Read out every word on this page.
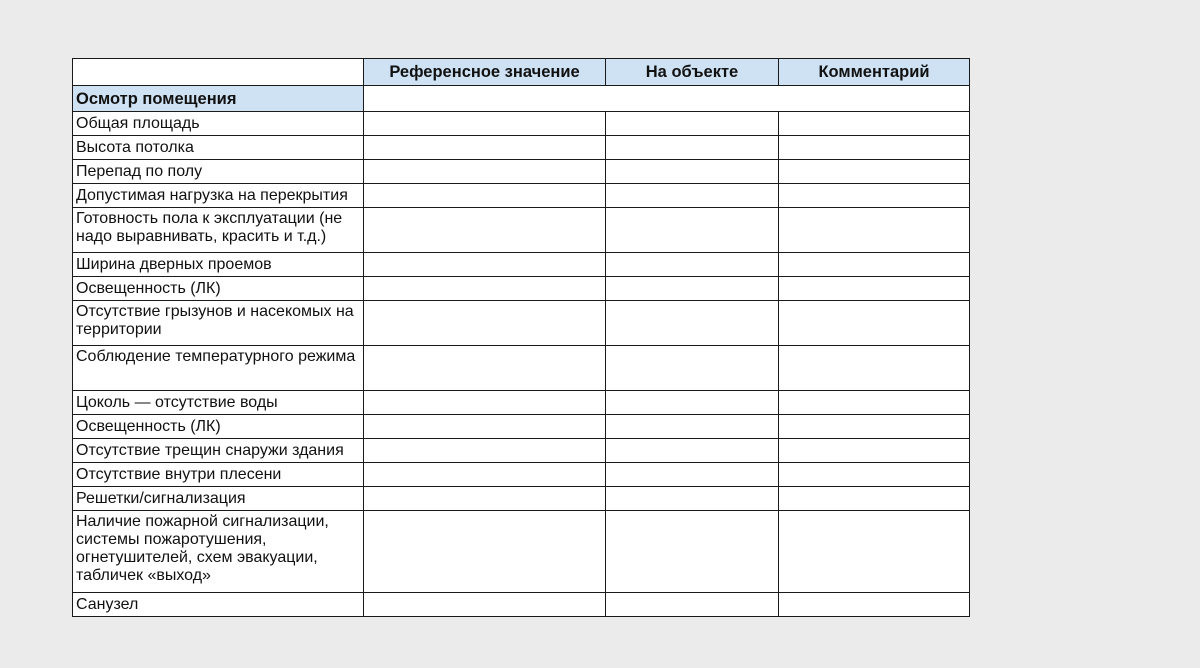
	Референсное значение	На объекте	Комментарий
Осмотр помещения			
Общая площадь			
Высота потолка			
Перепад по полу			
Допустимая нагрузка на перекрытия			
Готовность пола к эксплуатации (не надо выравнивать, красить и т.д.)			
Ширина дверных проемов			
Освещенность (ЛК)			
Отсутствие грызунов и насекомых на территории			
Соблюдение температурного режима			
Цоколь — отсутствие воды			
Освещенность (ЛК)			
Отсутствие трещин снаружи здания			
Отсутствие внутри плесени			
Решетки/сигнализация			
Наличие пожарной сигнализации, системы пожаротушения, огнетушителей, схем эвакуации, табличек «выход»			
Санузел			
